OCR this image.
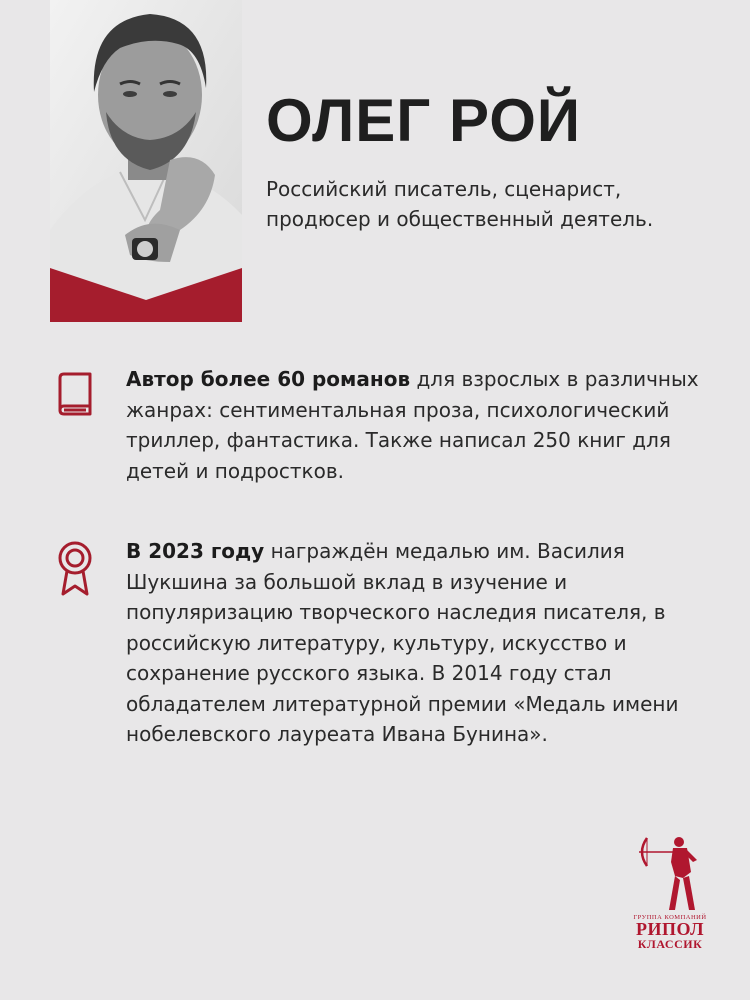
ОЛЕГ РОЙ
Российский писатель, сценарист, продюсер и общественный деятель.
Автор более 60 романов для взрослых в различных жанрах: сентиментальная проза, психологический триллер, фантастика. Также написал 250 книг для детей и подростков.
В 2023 году награждён медалью им. Василия Шукшина за большой вклад в изучение и популяризацию творческого наследия писателя, в российскую литературу, культуру, искусство и сохранение русского языка. В 2014 году стал обладателем литературной премии «Медаль имени нобелевского лауреата Ивана Бунина».
ГРУППА КОМПАНИЙ
РИПОЛ
КЛАССИК
